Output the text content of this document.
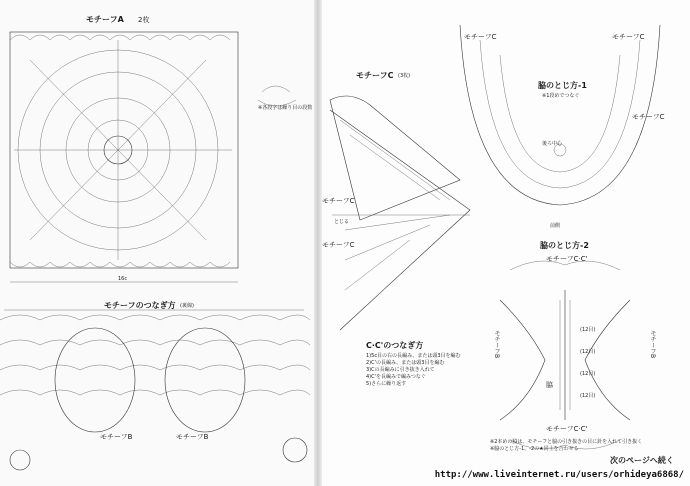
モチーフA 2枚
16c
※各段字は繰り目の段数
モチーフのつなぎ方 (裏線)
モチーフB	モチーフB
モチーフC (3枚)
モチーフC
モチーフC
とじる
モチーフC	モチーフC
モチーフC
脇のとじ方-1
※1段めでつなぐ
後ろ中心
前側
脇のとじ方-2
モチーフC·C'
モチーフC·C'
モチーフB	モチーフB
脇
(12目)
(12目)
(12目)
(12目)
C·C'のつなぎ方
1)5c目の右の長編み、または頭3目を編む
2)C'の長編み、または頭3目を編む
3)Cの長編みに引き抜き入れて
4)C'を長編みで編みつなぐ
5)さらに繰り返す
※2本めの脇は、モチーフと脇の引き抜きの目に針を入れて引き抜く
※脇のとじ方-1、-2の★同士を合わせる
次のページへ続く
http://www.liveinternet.ru/users/orhideya6868/
